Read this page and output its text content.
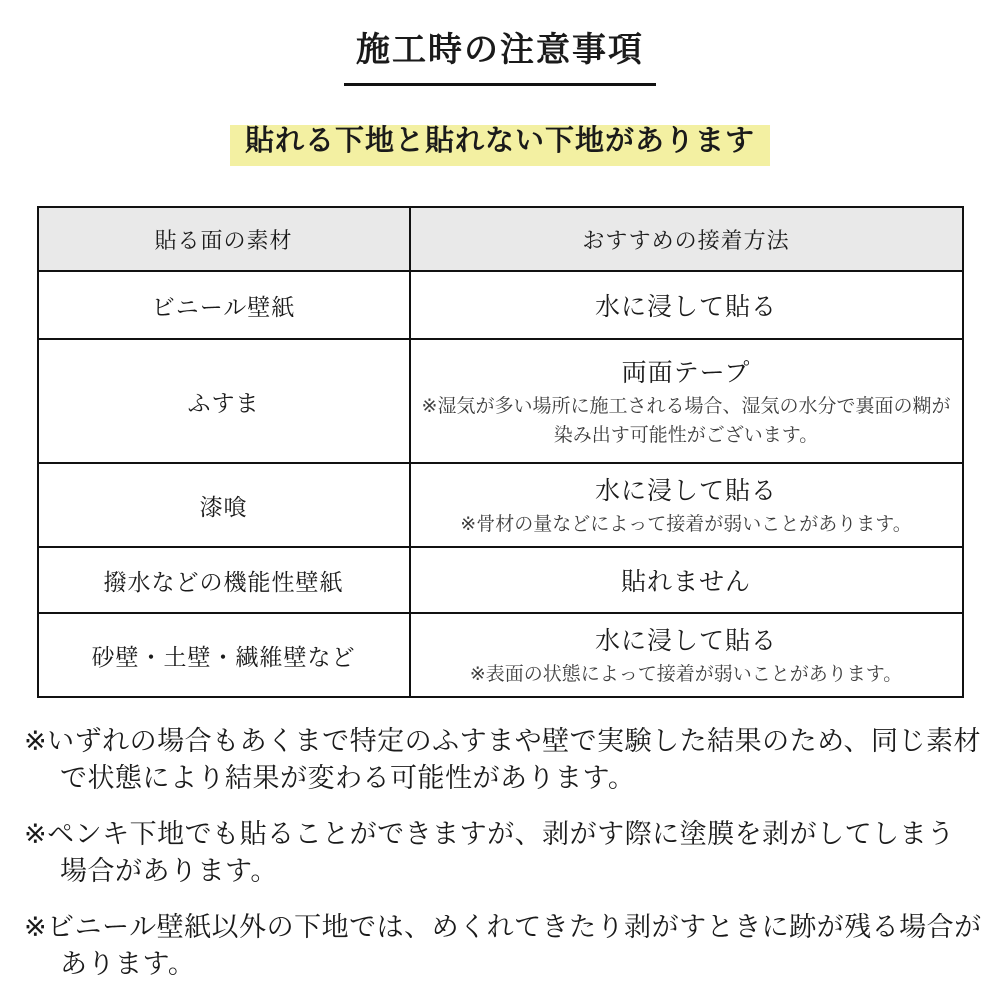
施工時の注意事項
貼れる下地と貼れない下地があります
貼る面の素材	おすすめの接着方法
ビニール壁紙	水に浸して貼る

ふすま	両面テープ
※湿気が多い場所に施工される場合、湿気の水分で裏面の糊が染み出す可能性がございます。

漆喰	水に浸して貼る
※骨材の量などによって接着が弱いことがあります。

撥水などの機能性壁紙	貼れません

砂壁・土壁・繊維壁など	水に浸して貼る
※表面の状態によって接着が弱いことがあります。

※いずれの場合もあくまで特定のふすまや壁で実験した結果のため、同じ素材で状態により結果が変わる可能性があります。

※ペンキ下地でも貼ることができますが、剥がす際に塗膜を剥がしてしまう場合があります。

※ビニール壁紙以外の下地では、めくれてきたり剥がすときに跡が残る場合があります。
